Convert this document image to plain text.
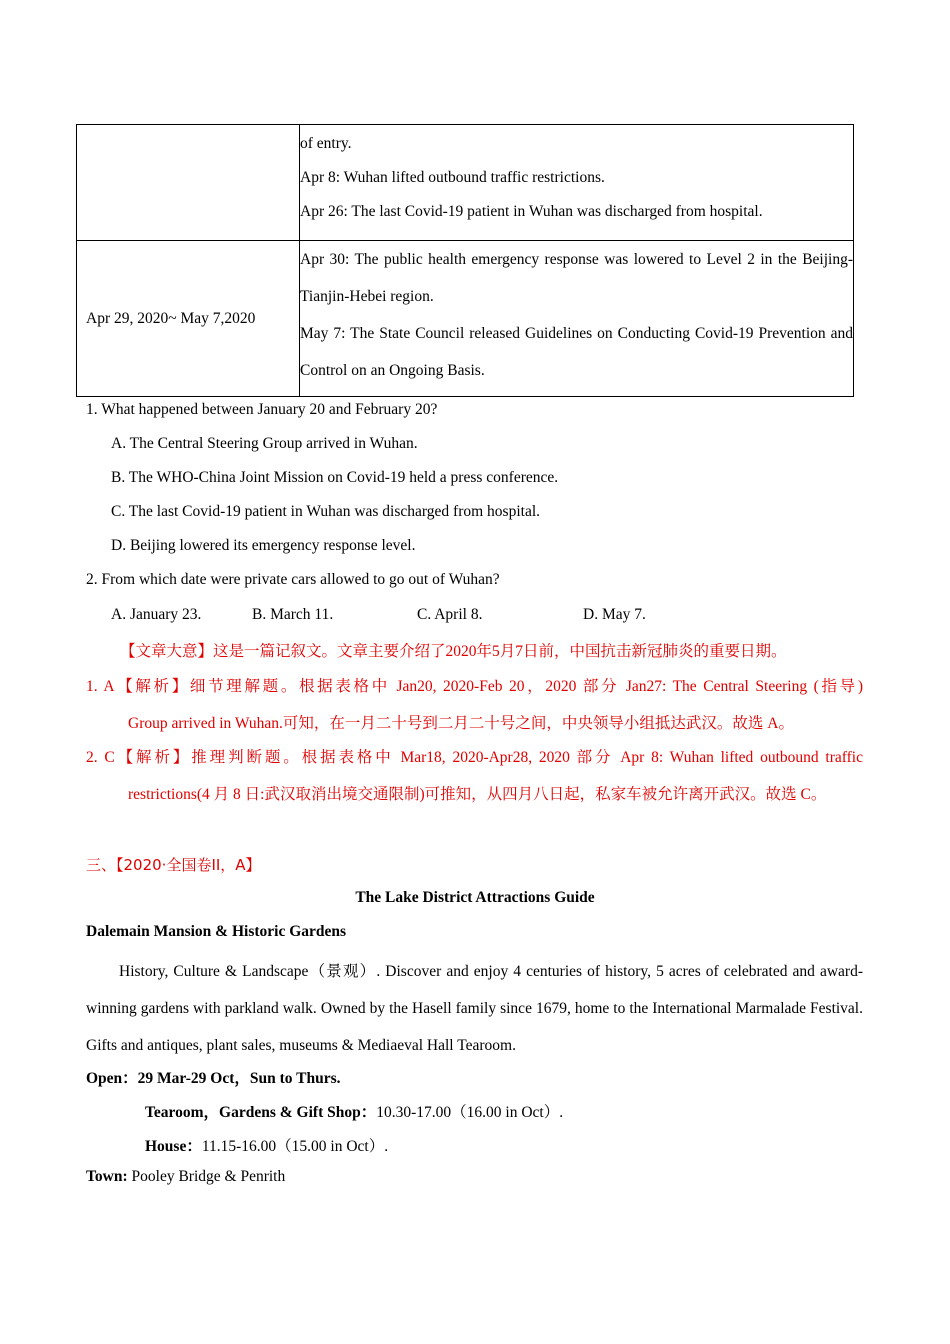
	of entry.
Apr 8: Wuhan lifted outbound traffic restrictions.
Apr 26: The last Covid-19 patient in Wuhan was discharged from hospital.

Apr 29, 2020~ May 7,2020	Apr 30: The public health emergency response was lowered to Level 2 in the Beijing-Tianjin-Hebei region.
May 7: The State Council released Guidelines on Conducting Covid-19 Prevention and Control on an Ongoing Basis.
1. What happened between January 20 and February 20?
A. The Central Steering Group arrived in Wuhan.
B. The WHO-China Joint Mission on Covid-19 held a press conference.
C. The last Covid-19 patient in Wuhan was discharged from hospital.
D. Beijing lowered its emergency response level.
2. From which date were private cars allowed to go out of Wuhan?
A. January 23.	B. March 11.	C. April 8.	D. May 7.
【文章大意】这是一篇记叙文。文章主要介绍了2020年5月7日前，中国抗击新冠肺炎的重要日期。
1. A【解析】细节理解题。根据表格中 Jan20, 2020-Feb 20，2020 部分 Jan27: The Central Steering (指导)
Group arrived in Wuhan.可知，在一月二十号到二月二十号之间，中央领导小组抵达武汉。故选 A。
2. C【解析】推理判断题。根据表格中 Mar18, 2020-Apr28, 2020 部分 Apr 8: Wuhan lifted outbound traffic
restrictions(4 月 8 日:武汉取消出境交通限制)可推知，从四月八日起，私家车被允许离开武汉。故选 C。
三、【2020·全国卷II，A】
The Lake District Attractions Guide
Dalemain Mansion & Historic Gardens
History, Culture & Landscape（景观）. Discover and enjoy 4 centuries of history, 5 acres of celebrated and award-winning gardens with parkland walk. Owned by the Hasell family since 1679, home to the International Marmalade Festival. Gifts and antiques, plant sales, museums & Mediaeval Hall Tearoom.
Open：29 Mar-29 Oct，Sun to Thurs.
Tearoom，Gardens & Gift Shop：10.30-17.00（16.00 in Oct）.
House：11.15-16.00（15.00 in Oct）.
Town: Pooley Bridge & Penrith
